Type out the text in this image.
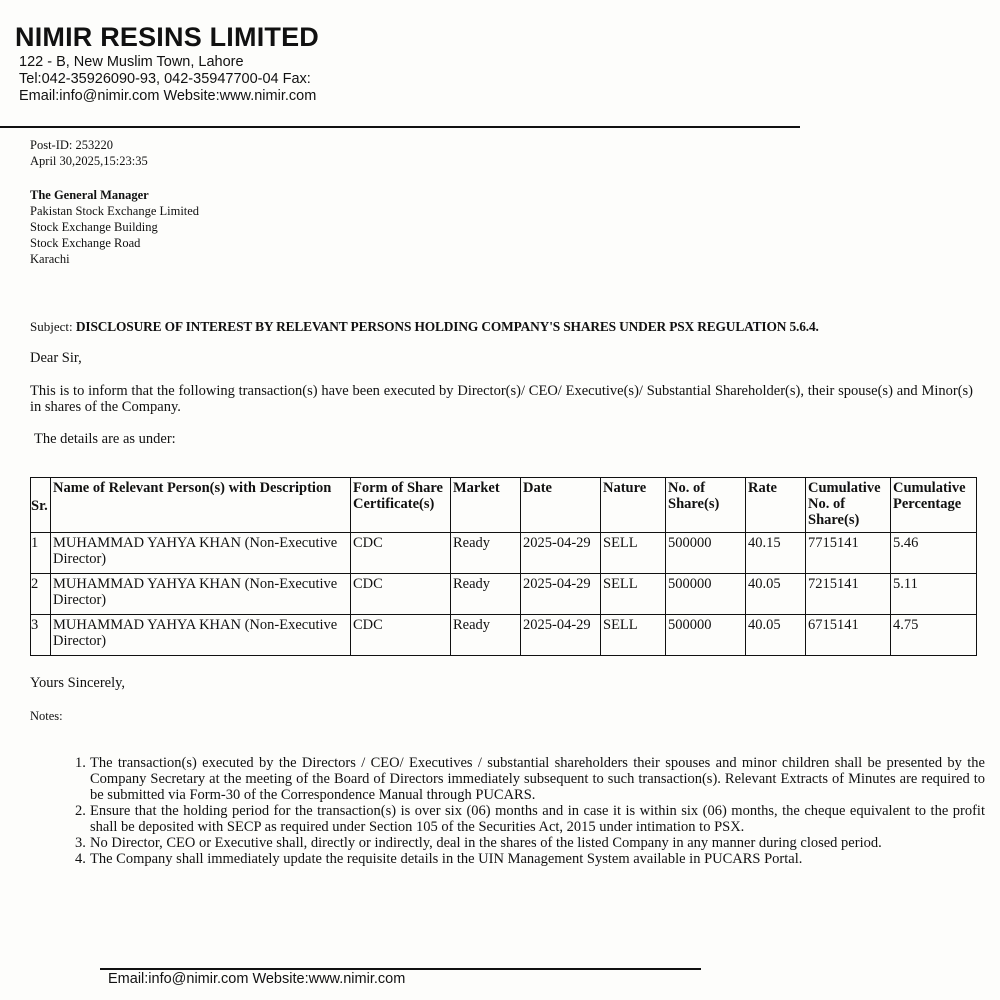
NIMIR RESINS LIMITED
122 - B, New Muslim Town, Lahore
Tel:042-35926090-93, 042-35947700-04 Fax:
Email:info@nimir.com Website:www.nimir.com
Post-ID: 253220
April 30,2025,15:23:35
The General Manager
Pakistan Stock Exchange Limited
Stock Exchange Building
Stock Exchange Road
Karachi
Subject: DISCLOSURE OF INTEREST BY RELEVANT PERSONS HOLDING COMPANY'S SHARES UNDER PSX REGULATION 5.6.4.
Dear Sir,
This is to inform that the following transaction(s) have been executed by Director(s)/ CEO/ Executive(s)/ Substantial Shareholder(s), their spouse(s) and Minor(s) in shares of the Company.
The details are as under:
Sr.	Name of Relevant Person(s) with Description	Form of Share Certificate(s)	Market	Date	Nature	No. of Share(s)	Rate	Cumulative No. of Share(s)	Cumulative Percentage
1	MUHAMMAD YAHYA KHAN (Non-Executive Director)	CDC	Ready	2025-04-29	SELL	500000	40.15	7715141	5.46
2	MUHAMMAD YAHYA KHAN (Non-Executive Director)	CDC	Ready	2025-04-29	SELL	500000	40.05	7215141	5.11
3	MUHAMMAD YAHYA KHAN (Non-Executive Director)	CDC	Ready	2025-04-29	SELL	500000	40.05	6715141	4.75
Yours Sincerely,
Notes:
1. The transaction(s) executed by the Directors / CEO/ Executives / substantial shareholders their spouses and minor children shall be presented by the Company Secretary at the meeting of the Board of Directors immediately subsequent to such transaction(s). Relevant Extracts of Minutes are required to be submitted via Form-30 of the Correspondence Manual through PUCARS.
2. Ensure that the holding period for the transaction(s) is over six (06) months and in case it is within six (06) months, the cheque equivalent to the profit shall be deposited with SECP as required under Section 105 of the Securities Act, 2015 under intimation to PSX.
3. No Director, CEO or Executive shall, directly or indirectly, deal in the shares of the listed Company in any manner during closed period.
4. The Company shall immediately update the requisite details in the UIN Management System available in PUCARS Portal.
Email:info@nimir.com Website:www.nimir.com
